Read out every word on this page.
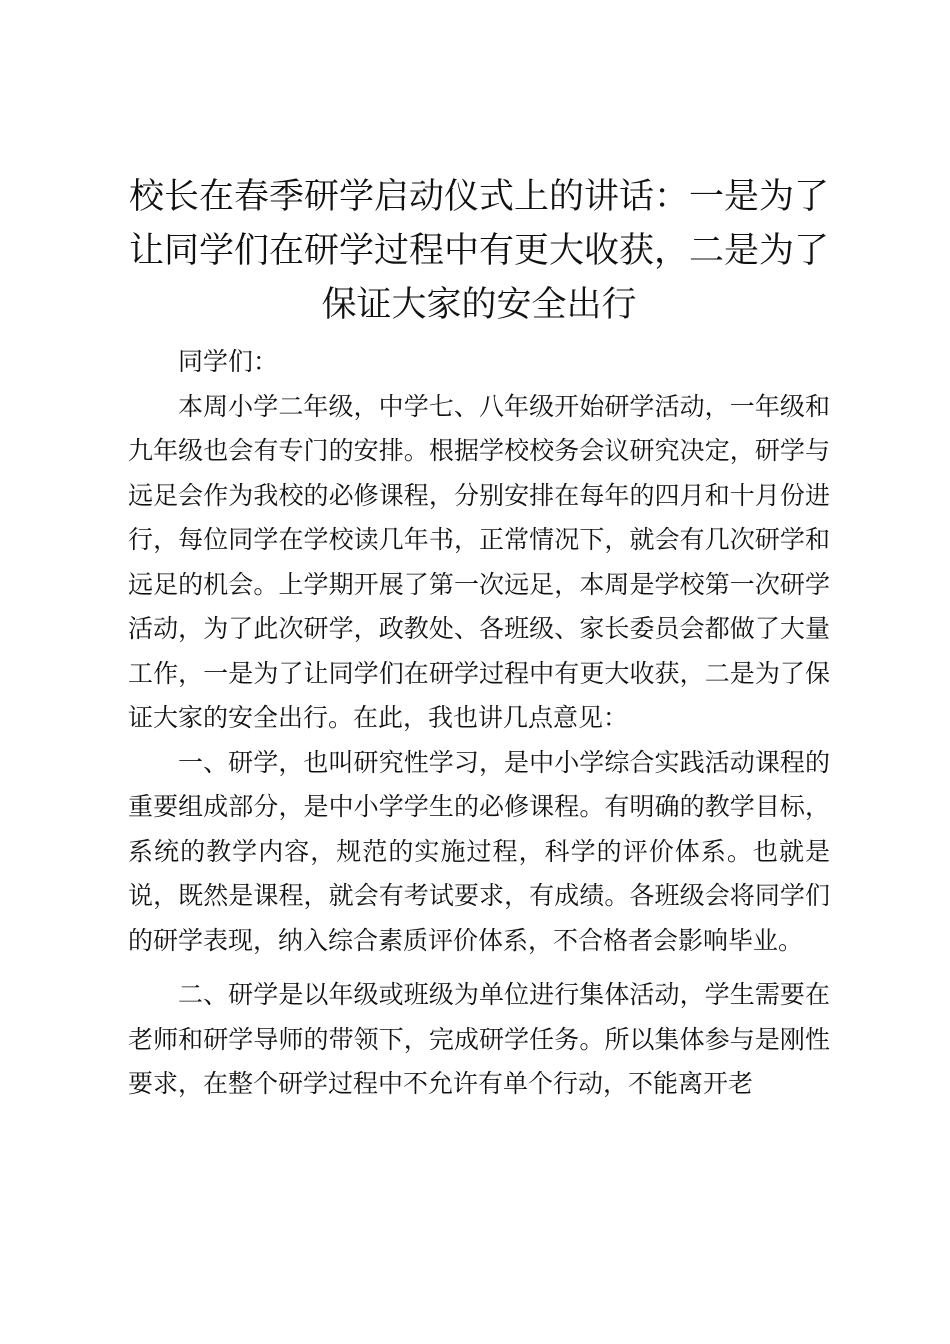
校长在春季研学启动仪式上的讲话：一是为了让同学们在研学过程中有更大收获，二是为了保证大家的安全出行

同学们：

本周小学二年级，中学七、八年级开始研学活动，一年级和九年级也会有专门的安排。根据学校校务会议研究决定，研学与远足会作为我校的必修课程，分别安排在每年的四月和十月份进行，每位同学在学校读几年书，正常情况下，就会有几次研学和远足的机会。上学期开展了第一次远足，本周是学校第一次研学活动，为了此次研学，政教处、各班级、家长委员会都做了大量工作，一是为了让同学们在研学过程中有更大收获，二是为了保证大家的安全出行。在此，我也讲几点意见：

一、研学，也叫研究性学习，是中小学综合实践活动课程的重要组成部分，是中小学学生的必修课程。有明确的教学目标，系统的教学内容，规范的实施过程，科学的评价体系。也就是说，既然是课程，就会有考试要求，有成绩。各班级会将同学们的研学表现，纳入综合素质评价体系，不合格者会影响毕业。

二、研学是以年级或班级为单位进行集体活动，学生需要在老师和研学导师的带领下，完成研学任务。所以集体参与是刚性要求，在整个研学过程中不允许有单个行动，不能离开老
